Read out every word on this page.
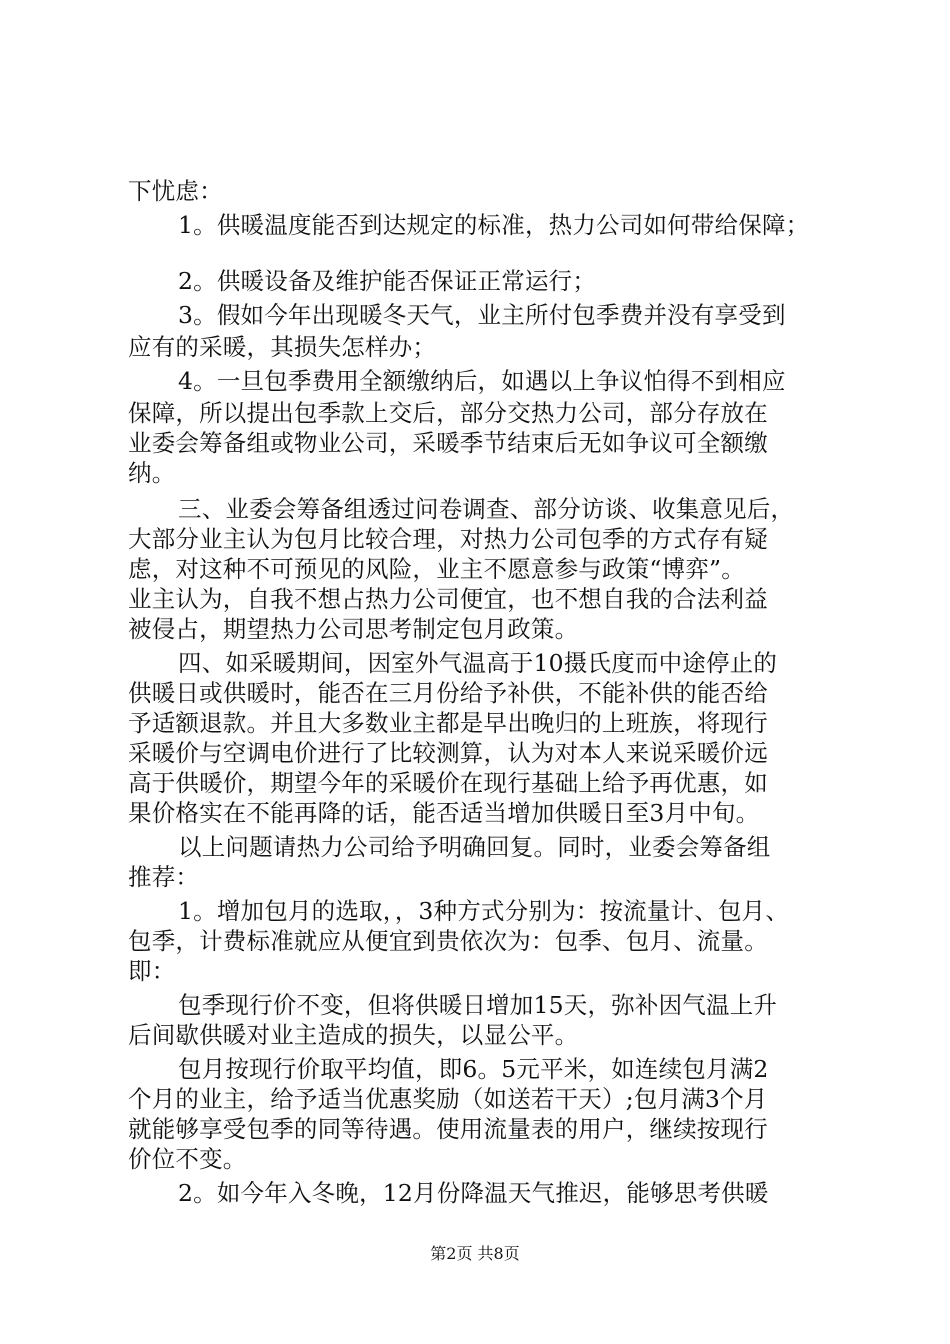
下忧虑：
1。供暖温度能否到达规定的标准，热力公司如何带给保障；
2。供暖设备及维护能否保证正常运行；
3。假如今年出现暖冬天气，业主所付包季费并没有享受到
应有的采暖，其损失怎样办；
4。一旦包季费用全额缴纳后，如遇以上争议怕得不到相应
保障，所以提出包季款上交后，部分交热力公司，部分存放在
业委会筹备组或物业公司，采暖季节结束后无如争议可全额缴
纳。
三、业委会筹备组透过问卷调查、部分访谈、收集意见后，
大部分业主认为包月比较合理，对热力公司包季的方式存有疑
虑，对这种不可预见的风险，业主不愿意参与政策“博弈”。
业主认为，自我不想占热力公司便宜，也不想自我的合法利益
被侵占，期望热力公司思考制定包月政策。
四、如采暖期间，因室外气温高于10摄氏度而中途停止的
供暖日或供暖时，能否在三月份给予补供，不能补供的能否给
予适额退款。并且大多数业主都是早出晚归的上班族，将现行
采暖价与空调电价进行了比较测算，认为对本人来说采暖价远
高于供暖价，期望今年的采暖价在现行基础上给予再优惠，如
果价格实在不能再降的话，能否适当增加供暖日至3月中旬。
以上问题请热力公司给予明确回复。同时，业委会筹备组
推荐：
1。增加包月的选取，，3种方式分别为：按流量计、包月、
包季，计费标准就应从便宜到贵依次为：包季、包月、流量。
即：
包季现行价不变，但将供暖日增加15天，弥补因气温上升
后间歇供暖对业主造成的损失，以显公平。
包月按现行价取平均值，即6。5元平米，如连续包月满2
个月的业主，给予适当优惠奖励（如送若干天）;包月满3个月
就能够享受包季的同等待遇。使用流量表的用户，继续按现行
价位不变。
2。如今年入冬晚，12月份降温天气推迟，能够思考供暖
第2页 共8页
